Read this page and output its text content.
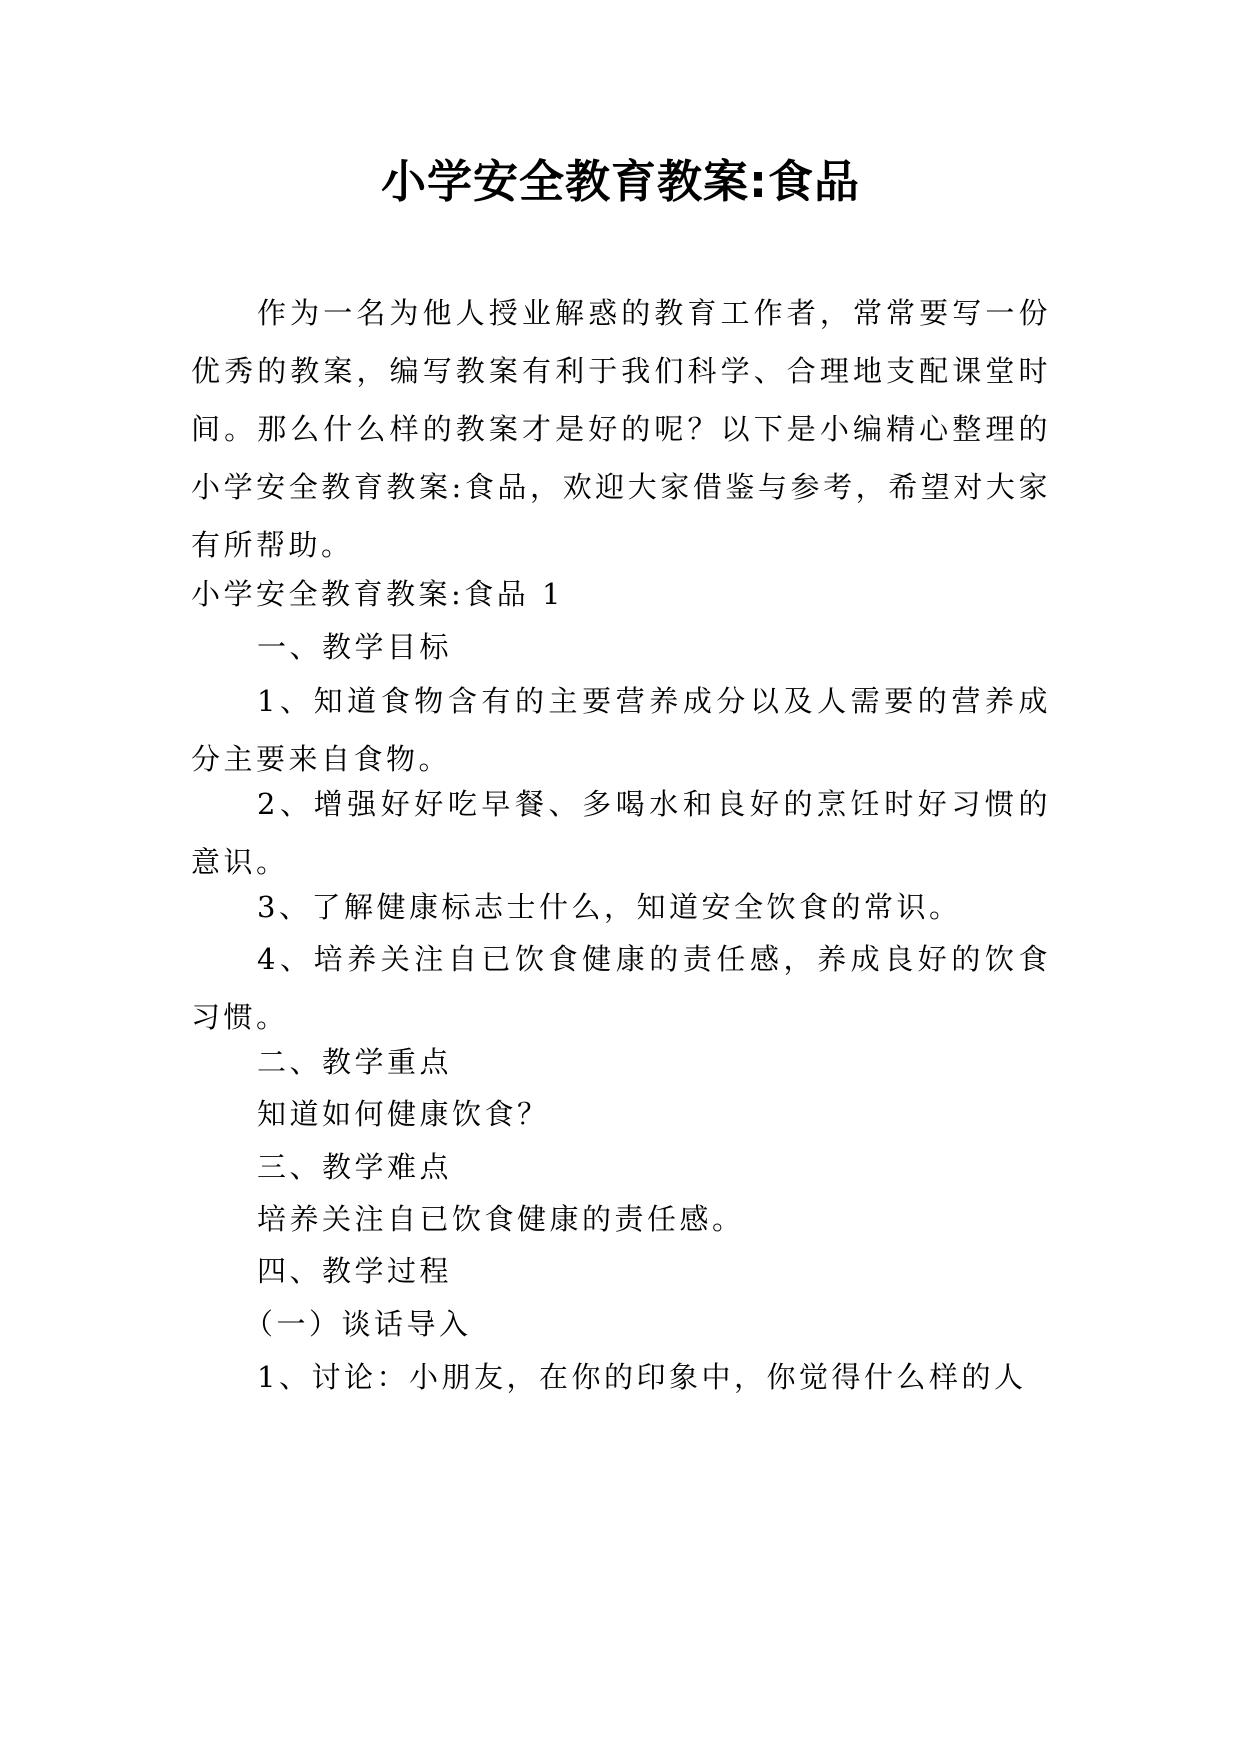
小学安全教育教案:食品

作为一名为他人授业解惑的教育工作者，常常要写一份优秀的教案，编写教案有利于我们科学、合理地支配课堂时间。那么什么样的教案才是好的呢？以下是小编精心整理的小学安全教育教案:食品，欢迎大家借鉴与参考，希望对大家有所帮助。

小学安全教育教案:食品 1

一、教学目标

1、知道食物含有的主要营养成分以及人需要的营养成分主要来自食物。

2、增强好好吃早餐、多喝水和良好的烹饪时好习惯的意识。

3、了解健康标志士什么，知道安全饮食的常识。

4、培养关注自已饮食健康的责任感，养成良好的饮食习惯。

二、教学重点

知道如何健康饮食？

三、教学难点

培养关注自已饮食健康的责任感。

四、教学过程

（一）谈话导入

1、讨论：小朋友，在你的印象中，你觉得什么样的人
